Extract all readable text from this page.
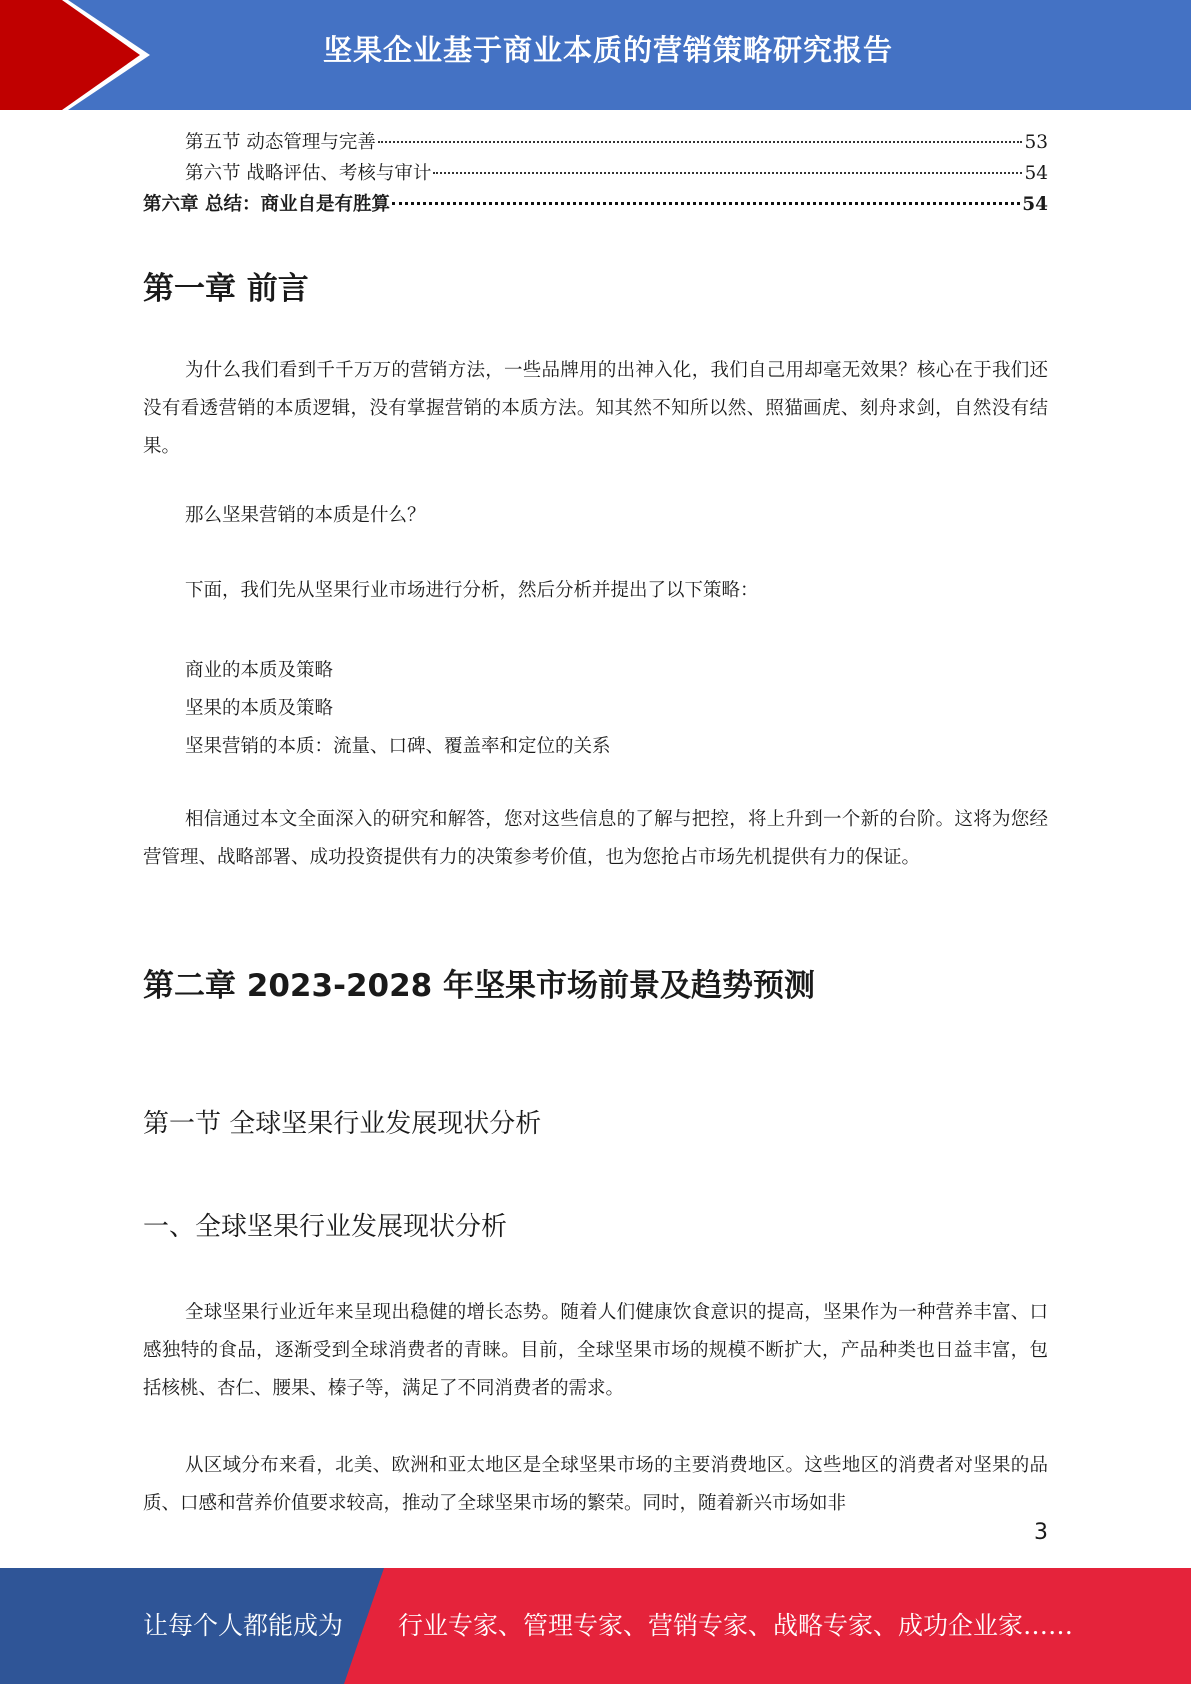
坚果企业基于商业本质的营销策略研究报告
第五节 动态管理与完善	53
第六节 战略评估、考核与审计	54
第六章 总结：商业自是有胜算	54
第一章 前言
为什么我们看到千千万万的营销方法，一些品牌用的出神入化，我们自己用却毫无效果？核心在于我们还没有看透营销的本质逻辑，没有掌握营销的本质方法。知其然不知所以然、照猫画虎、刻舟求剑，自然没有结果。
那么坚果营销的本质是什么？
下面，我们先从坚果行业市场进行分析，然后分析并提出了以下策略：
商业的本质及策略
坚果的本质及策略
坚果营销的本质：流量、口碑、覆盖率和定位的关系
相信通过本文全面深入的研究和解答，您对这些信息的了解与把控，将上升到一个新的台阶。这将为您经营管理、战略部署、成功投资提供有力的决策参考价值，也为您抢占市场先机提供有力的保证。
第二章 2023-2028 年坚果市场前景及趋势预测
第一节 全球坚果行业发展现状分析
一、全球坚果行业发展现状分析
全球坚果行业近年来呈现出稳健的增长态势。随着人们健康饮食意识的提高，坚果作为一种营养丰富、口感独特的食品，逐渐受到全球消费者的青睐。目前，全球坚果市场的规模不断扩大，产品种类也日益丰富，包括核桃、杏仁、腰果、榛子等，满足了不同消费者的需求。
从区域分布来看，北美、欧洲和亚太地区是全球坚果市场的主要消费地区。这些地区的消费者对坚果的品质、口感和营养价值要求较高，推动了全球坚果市场的繁荣。同时，随着新兴市场如非
3
让每个人都能成为 行业专家、管理专家、营销专家、战略专家、成功企业家……
